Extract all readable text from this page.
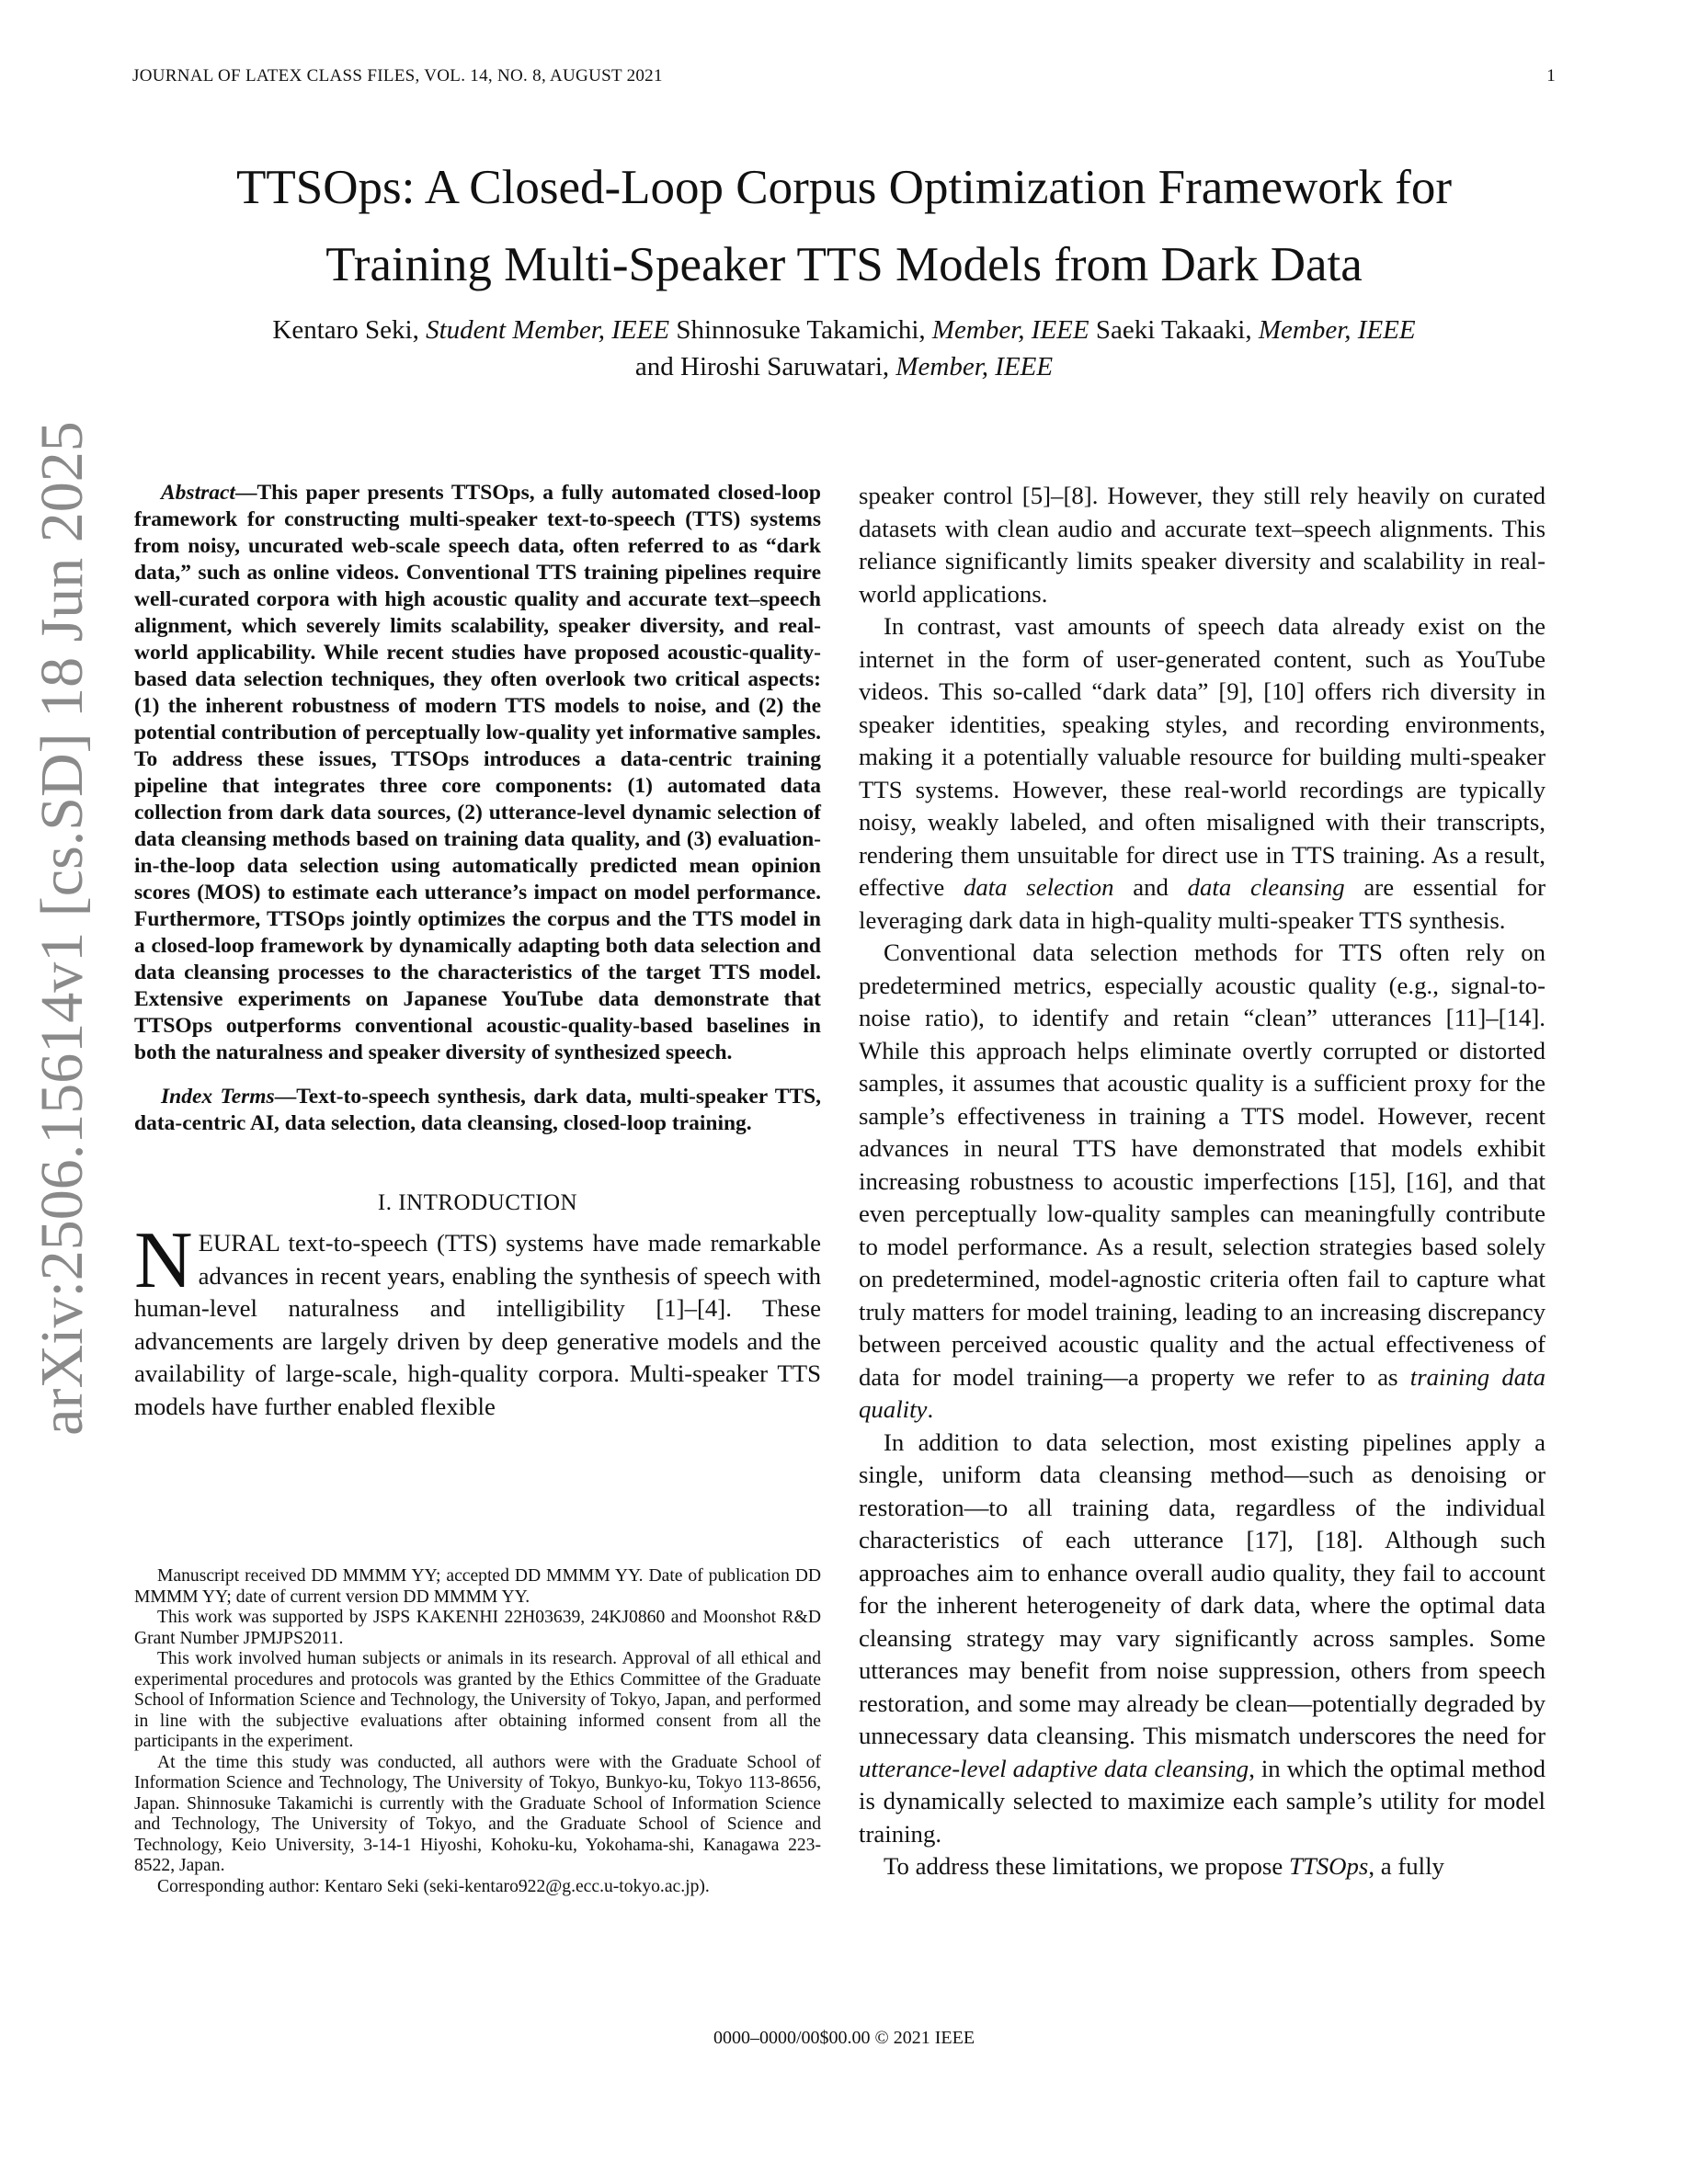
JOURNAL OF LATEX CLASS FILES, VOL. 14, NO. 8, AUGUST 2021	1
arXiv:2506.15614v1 [cs.SD] 18 Jun 2025
TTSOps: A Closed-Loop Corpus Optimization Framework for
Training Multi-Speaker TTS Models from Dark Data
Kentaro Seki, Student Member, IEEE Shinnosuke Takamichi, Member, IEEE Saeki Takaaki, Member, IEEE
and Hiroshi Saruwatari, Member, IEEE

Abstract—This paper presents TTSOps, a fully automated closed-loop framework for constructing multi-speaker text-to-speech (TTS) systems from noisy, uncurated web-scale speech data, often referred to as “dark data,” such as online videos. Conventional TTS training pipelines require well-curated corpora with high acoustic quality and accurate text–speech alignment, which severely limits scalability, speaker diversity, and real-world applicability. While recent studies have proposed acoustic-quality-based data selection techniques, they often overlook two critical aspects: (1) the inherent robustness of modern TTS models to noise, and (2) the potential contribution of perceptually low-quality yet informative samples. To address these issues, TTSOps introduces a data-centric training pipeline that integrates three core components: (1) automated data collection from dark data sources, (2) utterance-level dynamic selection of data cleansing methods based on training data quality, and (3) evaluation-in-the-loop data selection using automatically predicted mean opinion scores (MOS) to estimate each utterance’s impact on model performance. Furthermore, TTSOps jointly optimizes the corpus and the TTS model in a closed-loop framework by dynamically adapting both data selection and data cleansing processes to the characteristics of the target TTS model. Extensive experiments on Japanese YouTube data demonstrate that TTSOps outperforms conventional acoustic-quality-based baselines in both the naturalness and speaker diversity of synthesized speech.

Index Terms—Text-to-speech synthesis, dark data, multi-speaker TTS, data-centric AI, data selection, data cleansing, closed-loop training.

I. INTRODUCTION

NEURAL text-to-speech (TTS) systems have made remarkable advances in recent years, enabling the synthesis of speech with human-level naturalness and intelligibility [1]–[4]. These advancements are largely driven by deep generative models and the availability of large-scale, high-quality corpora. Multi-speaker TTS models have further enabled flexible

Manuscript received DD MMMM YY; accepted DD MMMM YY. Date of publication DD MMMM YY; date of current version DD MMMM YY.

This work was supported by JSPS KAKENHI 22H03639, 24KJ0860 and Moonshot R&D Grant Number JPMJPS2011.

This work involved human subjects or animals in its research. Approval of all ethical and experimental procedures and protocols was granted by the Ethics Committee of the Graduate School of Information Science and Technology, the University of Tokyo, Japan, and performed in line with the subjective evaluations after obtaining informed consent from all the participants in the experiment.

At the time this study was conducted, all authors were with the Graduate School of Information Science and Technology, The University of Tokyo, Bunkyo-ku, Tokyo 113-8656, Japan. Shinnosuke Takamichi is currently with the Graduate School of Information Science and Technology, The University of Tokyo, and the Graduate School of Science and Technology, Keio University, 3-14-1 Hiyoshi, Kohoku-ku, Yokohama-shi, Kanagawa 223-8522, Japan.

Corresponding author: Kentaro Seki (seki-kentaro922@g.ecc.u-tokyo.ac.jp).

speaker control [5]–[8]. However, they still rely heavily on curated datasets with clean audio and accurate text–speech alignments. This reliance significantly limits speaker diversity and scalability in real-world applications.

In contrast, vast amounts of speech data already exist on the internet in the form of user-generated content, such as YouTube videos. This so-called “dark data” [9], [10] offers rich diversity in speaker identities, speaking styles, and recording environments, making it a potentially valuable resource for building multi-speaker TTS systems. However, these real-world recordings are typically noisy, weakly labeled, and often misaligned with their transcripts, rendering them unsuitable for direct use in TTS training. As a result, effective data selection and data cleansing are essential for leveraging dark data in high-quality multi-speaker TTS synthesis.

Conventional data selection methods for TTS often rely on predetermined metrics, especially acoustic quality (e.g., signal-to-noise ratio), to identify and retain “clean” utterances [11]–[14]. While this approach helps eliminate overtly corrupted or distorted samples, it assumes that acoustic quality is a sufficient proxy for the sample’s effectiveness in training a TTS model. However, recent advances in neural TTS have demonstrated that models exhibit increasing robustness to acoustic imperfections [15], [16], and that even perceptually low-quality samples can meaningfully contribute to model performance. As a result, selection strategies based solely on predetermined, model-agnostic criteria often fail to capture what truly matters for model training, leading to an increasing discrepancy between perceived acoustic quality and the actual effectiveness of data for model training—a property we refer to as training data quality.

In addition to data selection, most existing pipelines apply a single, uniform data cleansing method—such as denoising or restoration—to all training data, regardless of the individual characteristics of each utterance [17], [18]. Although such approaches aim to enhance overall audio quality, they fail to account for the inherent heterogeneity of dark data, where the optimal data cleansing strategy may vary significantly across samples. Some utterances may benefit from noise suppression, others from speech restoration, and some may already be clean—potentially degraded by unnecessary data cleansing. This mismatch underscores the need for utterance-level adaptive data cleansing, in which the optimal method is dynamically selected to maximize each sample’s utility for model training.

To address these limitations, we propose TTSOps, a fully

0000–0000/00$00.00 © 2021 IEEE
